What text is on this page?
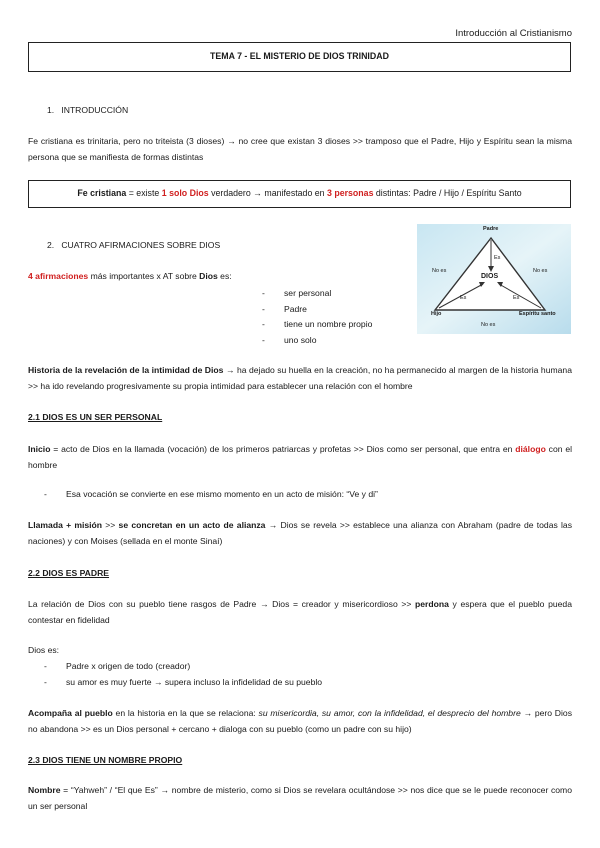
Introducción al Cristianismo
TEMA 7 - EL MISTERIO DE DIOS TRINIDAD
1. INTRODUCCIÓN
Fe cristiana es trinitaria, pero no triteista (3 dioses) → no cree que existan 3 dioses >> tramposo que el Padre, Hijo y Espíritu sean la misma persona que se manifiesta de formas distintas
Fe cristiana = existe 1 solo Dios verdadero → manifestado en 3 personas distintas: Padre / Hijo / Espíritu Santo
2. CUATRO AFIRMACIONES SOBRE DIOS
4 afirmaciones más importantes x AT sobre Dios es:
- ser personal
- Padre
- tiene un nombre propio
- uno solo
Padre
DIOS
Hijo	Espíritu santo
No es	No es
No es
Es
Es	Es
Historia de la revelación de la intimidad de Dios → ha dejado su huella en la creación, no ha permanecido al margen de la historia humana >> ha ido revelando progresivamente su propia intimidad para establecer una relación con el hombre
2.1 DIOS ES UN SER PERSONAL
Inicio = acto de Dios en la llamada (vocación) de los primeros patriarcas y profetas >> Dios como ser personal, que entra en diálogo con el hombre
- Esa vocación se convierte en ese mismo momento en un acto de misión: “Ve y di”
Llamada + misión >> se concretan en un acto de alianza → Dios se revela >> establece una alianza con Abraham (padre de todas las naciones) y con Moises (sellada en el monte Sinaí)
2.2 DIOS ES PADRE
La relación de Dios con su pueblo tiene rasgos de Padre → Dios = creador y misericordioso >> perdona y espera que el pueblo pueda contestar en fidelidad
Dios es:
- Padre x origen de todo (creador)
- su amor es muy fuerte → supera incluso la infidelidad de su pueblo
Acompaña al pueblo en la historia en la que se relaciona: su misericordia, su amor, con la infidelidad, el desprecio del hombre → pero Dios no abandona >> es un Dios personal + cercano + dialoga con su pueblo (como un padre con su hijo)
2.3 DIOS TIENE UN NOMBRE PROPIO
Nombre = “Yahweh” / “El que Es” → nombre de misterio, como si Dios se revelara ocultándose >> nos dice que se le puede reconocer como un ser personal
